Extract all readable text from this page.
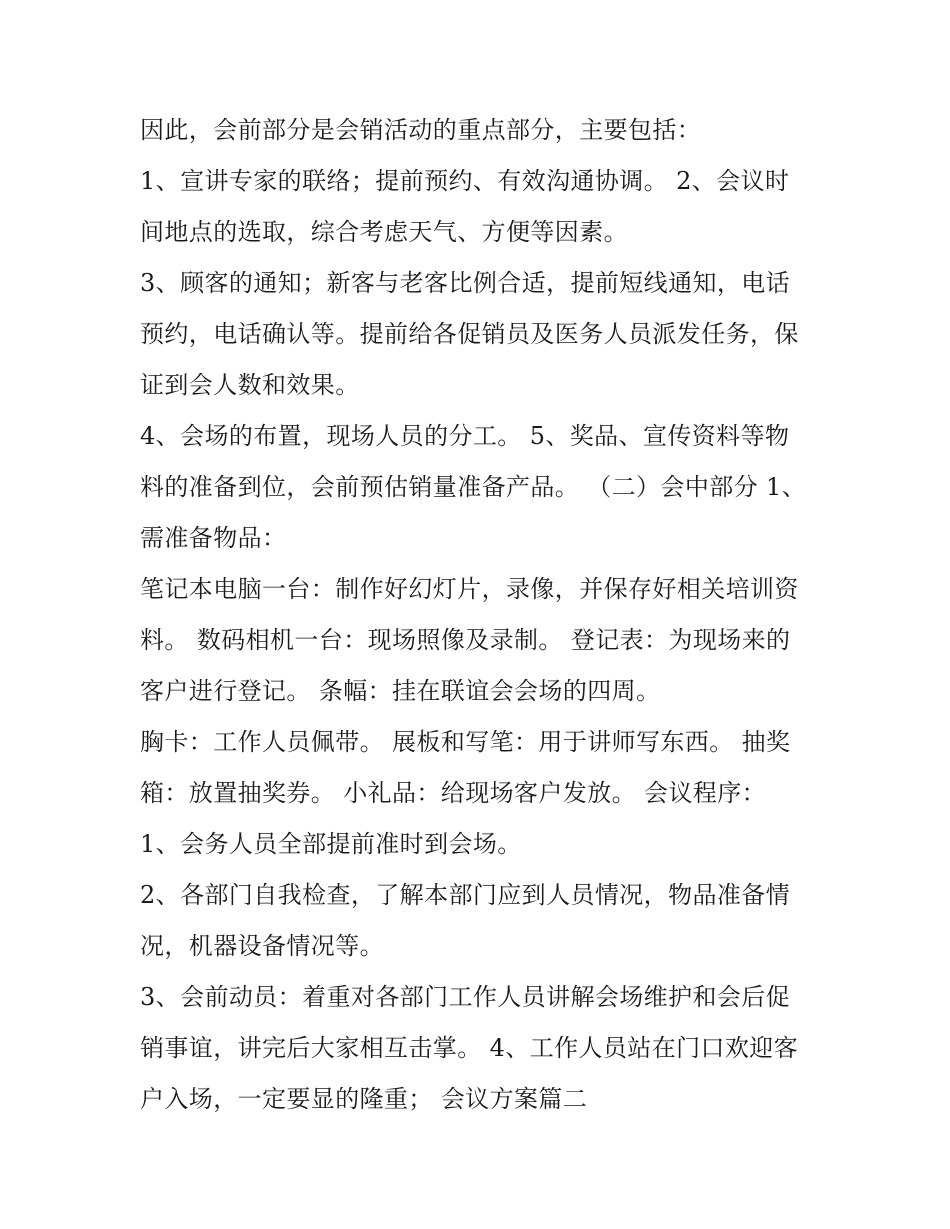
因此，会前部分是会销活动的重点部分，主要包括：
1、宣讲专家的联络；提前预约、有效沟通协调。 2、会议时
间地点的选取，综合考虑天气、方便等因素。
3、顾客的通知；新客与老客比例合适，提前短线通知，电话
预约，电话确认等。提前给各促销员及医务人员派发任务，保
证到会人数和效果。
4、会场的布置，现场人员的分工。 5、奖品、宣传资料等物
料的准备到位，会前预估销量准备产品。 （二）会中部分 1、
需准备物品：
笔记本电脑一台：制作好幻灯片，录像，并保存好相关培训资
料。 数码相机一台：现场照像及录制。 登记表：为现场来的
客户进行登记。 条幅：挂在联谊会会场的四周。
胸卡：工作人员佩带。 展板和写笔：用于讲师写东西。 抽奖
箱：放置抽奖券。 小礼品：给现场客户发放。 会议程序：
1、会务人员全部提前准时到会场。
2、各部门自我检查，了解本部门应到人员情况，物品准备情
况，机器设备情况等。
3、会前动员：着重对各部门工作人员讲解会场维护和会后促
销事谊，讲完后大家相互击掌。 4、工作人员站在门口欢迎客
户入场，一定要显的隆重； 会议方案篇二
